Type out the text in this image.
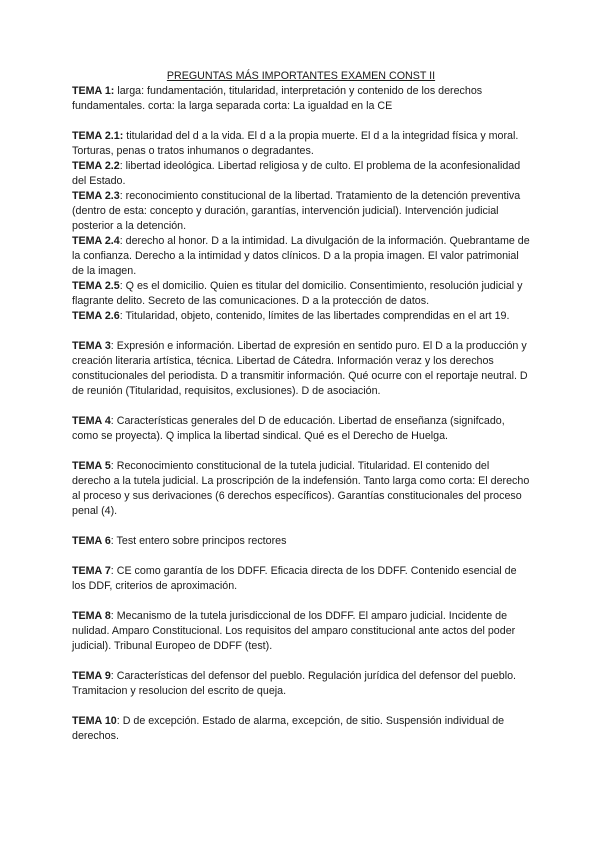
PREGUNTAS MÁS IMPORTANTES EXAMEN CONST II

TEMA 1: larga: fundamentación, titularidad, interpretación y contenido de los derechos fundamentales. corta: la larga separada corta: La igualdad en la CE

TEMA 2.1: titularidad del d a la vida. El d a la propia muerte. El d a la integridad física y moral. Torturas, penas o tratos inhumanos o degradantes.

TEMA 2.2: libertad ideológica. Libertad religiosa y de culto. El problema de la aconfesionalidad del Estado.

TEMA 2.3: reconocimiento constitucional de la libertad. Tratamiento de la detención preventiva (dentro de esta: concepto y duración, garantías, intervención judicial). Intervención judicial posterior a la detención.

TEMA 2.4: derecho al honor. D a la intimidad. La divulgación de la información. Quebrantame de la confianza. Derecho a la intimidad y datos clínicos. D a la propia imagen. El valor patrimonial de la imagen.

TEMA 2.5: Q es el domicilio. Quien es titular del domicilio. Consentimiento, resolución judicial y flagrante delito. Secreto de las comunicaciones. D a la protección de datos.

TEMA 2.6: Titularidad, objeto, contenido, límites de las libertades comprendidas en el art 19.

TEMA 3: Expresión e información. Libertad de expresión en sentido puro. El D a la producción y creación literaria artística, técnica. Libertad de Cátedra. Información veraz y los derechos constitucionales del periodista. D a transmitir información. Qué ocurre con el reportaje neutral. D de reunión (Titularidad, requisitos, exclusiones). D de asociación.

TEMA 4: Características generales del D de educación. Libertad de enseñanza (signifcado, como se proyecta). Q implica la libertad sindical. Qué es el Derecho de Huelga.

TEMA 5: Reconocimiento constitucional de la tutela judicial. Titularidad. El contenido del derecho a la tutela judicial. La proscripción de la indefensión. Tanto larga como corta: El derecho al proceso y sus derivaciones (6 derechos específicos). Garantías constitucionales del proceso penal (4).

TEMA 6: Test entero sobre principos rectores

TEMA 7: CE como garantía de los DDFF. Eficacia directa de los DDFF. Contenido esencial de los DDF, criterios de aproximación.

TEMA 8: Mecanismo de la tutela jurisdiccional de los DDFF. El amparo judicial. Incidente de nulidad. Amparo Constitucional. Los requisitos del amparo constitucional ante actos del poder judicial). Tribunal Europeo de DDFF (test).

TEMA 9: Características del defensor del pueblo. Regulación jurídica del defensor del pueblo. Tramitacion y resolucion del escrito de queja.

TEMA 10: D de excepción. Estado de alarma, excepción, de sitio. Suspensión individual de derechos.
